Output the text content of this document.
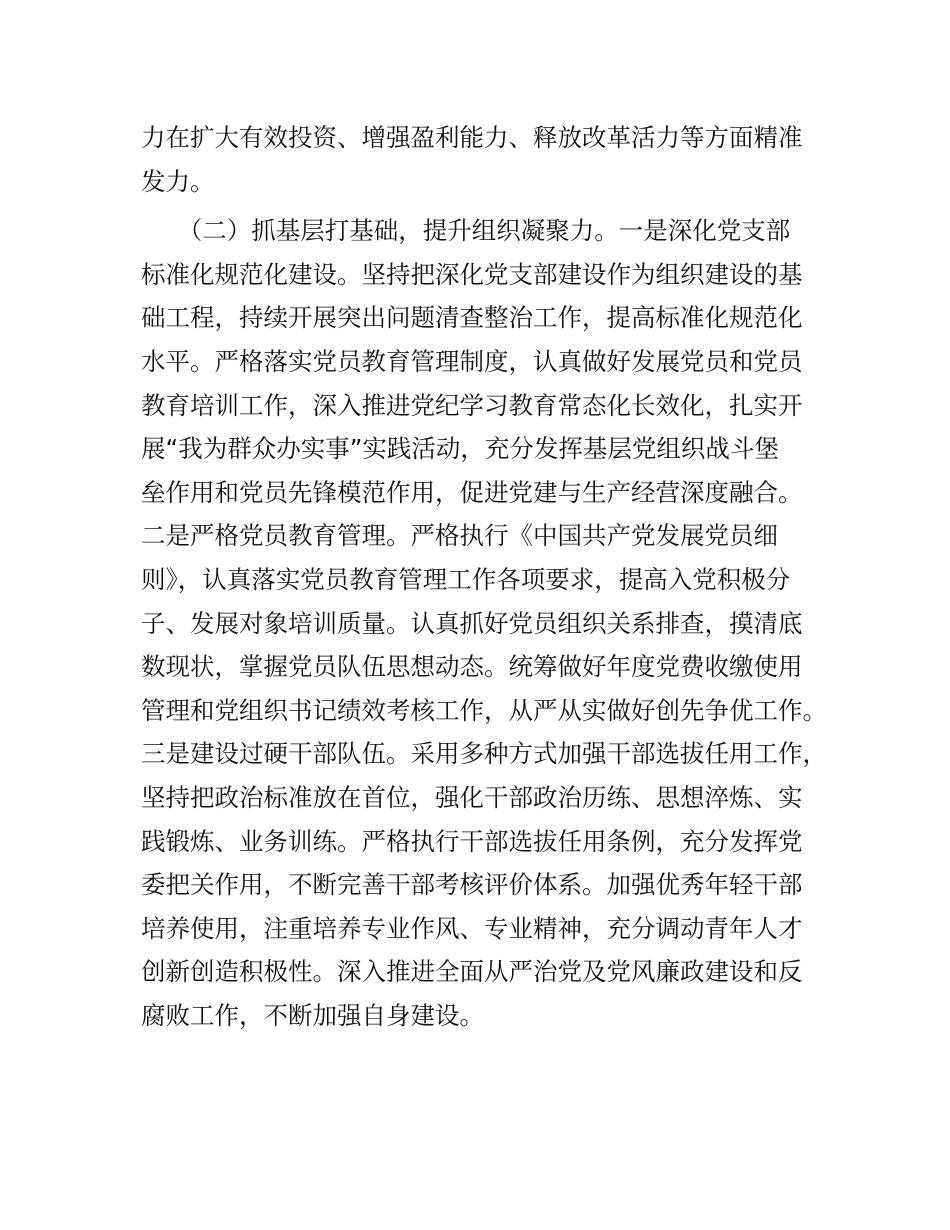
力在扩大有效投资、增强盈利能力、释放改革活力等方面精准
发力。
　　（二）抓基层打基础，提升组织凝聚力。一是深化党支部
标准化规范化建设。坚持把深化党支部建设作为组织建设的基
础工程，持续开展突出问题清查整治工作，提高标准化规范化
水平。严格落实党员教育管理制度，认真做好发展党员和党员
教育培训工作，深入推进党纪学习教育常态化长效化，扎实开
展“我为群众办实事”实践活动，充分发挥基层党组织战斗堡
垒作用和党员先锋模范作用，促进党建与生产经营深度融合。
二是严格党员教育管理。严格执行《中国共产党发展党员细
则》，认真落实党员教育管理工作各项要求，提高入党积极分
子、发展对象培训质量。认真抓好党员组织关系排查，摸清底
数现状，掌握党员队伍思想动态。统筹做好年度党费收缴使用
管理和党组织书记绩效考核工作，从严从实做好创先争优工作。
三是建设过硬干部队伍。采用多种方式加强干部选拔任用工作，
坚持把政治标准放在首位，强化干部政治历练、思想淬炼、实
践锻炼、业务训练。严格执行干部选拔任用条例，充分发挥党
委把关作用，不断完善干部考核评价体系。加强优秀年轻干部
培养使用，注重培养专业作风、专业精神，充分调动青年人才
创新创造积极性。深入推进全面从严治党及党风廉政建设和反
腐败工作，不断加强自身建设。
